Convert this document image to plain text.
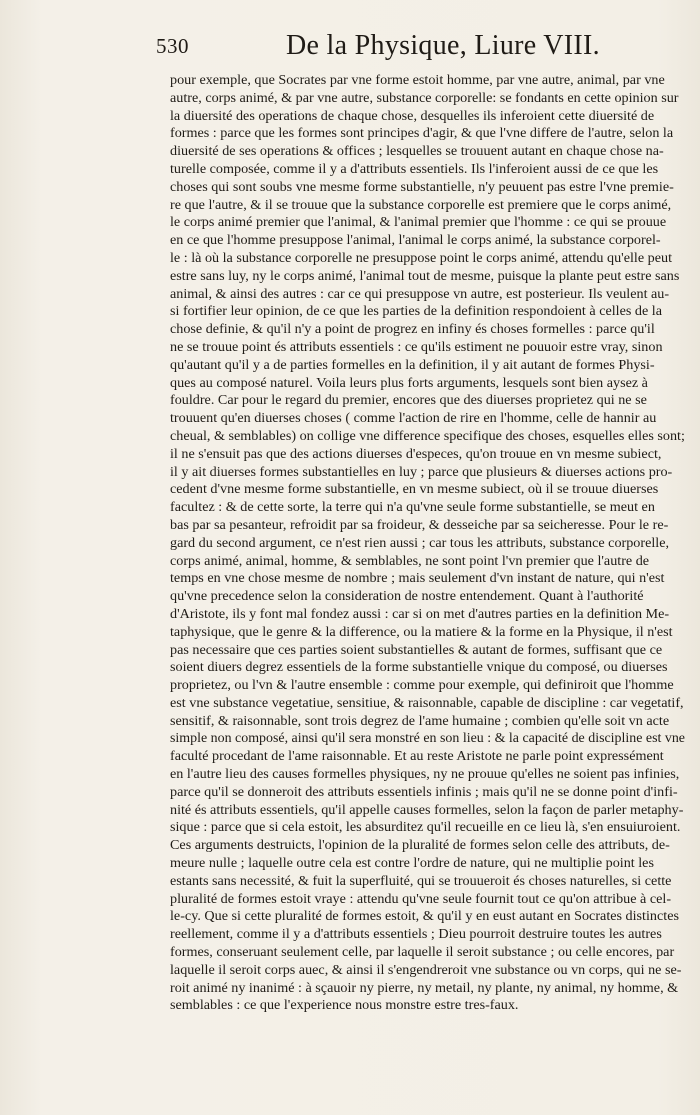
530	De la Physique, Liure VIII.
pour exemple, que Socrates par vne forme estoit homme, par vne autre, animal, par vne
autre, corps animé, & par vne autre, substance corporelle: se fondants en cette opinion sur
la diuersité des operations de chaque chose, desquelles ils inferoient cette diuersité de
formes : parce que les formes sont principes d'agir, & que l'vne differe de l'autre, selon la
diuersité de ses operations & offices ; lesquelles se trouuent autant en chaque chose na-
turelle composée, comme il y a d'attributs essentiels. Ils l'inferoient aussi de ce que les
choses qui sont soubs vne mesme forme substantielle, n'y peuuent pas estre l'vne premie-
re que l'autre, & il se trouue que la substance corporelle est premiere que le corps animé,
le corps animé premier que l'animal, & l'animal premier que l'homme : ce qui se prouue
en ce que l'homme presuppose l'animal, l'animal le corps animé, la substance corporel-
le : là où la substance corporelle ne presuppose point le corps animé, attendu qu'elle peut
estre sans luy, ny le corps animé, l'animal tout de mesme, puisque la plante peut estre sans
animal, & ainsi des autres : car ce qui presuppose vn autre, est posterieur. Ils veulent au-
si fortifier leur opinion, de ce que les parties de la definition respondoient à celles de la
chose definie, & qu'il n'y a point de progrez en infiny és choses formelles : parce qu'il
ne se trouue point és attributs essentiels : ce qu'ils estiment ne pouuoir estre vray, sinon
qu'autant qu'il y a de parties formelles en la definition, il y ait autant de formes Physi-
ques au composé naturel. Voila leurs plus forts arguments, lesquels sont bien aysez à
fouldre. Car pour le regard du premier, encores que des diuerses proprietez qui ne se
trouuent qu'en diuerses choses ( comme l'action de rire en l'homme, celle de hannir au
cheual, & semblables) on collige vne difference specifique des choses, esquelles elles sont;
il ne s'ensuit pas que des actions diuerses d'especes, qu'on trouue en vn mesme subiect,
il y ait diuerses formes substantielles en luy ; parce que plusieurs & diuerses actions pro-
cedent d'vne mesme forme substantielle, en vn mesme subiect, où il se trouue diuerses
facultez : & de cette sorte, la terre qui n'a qu'vne seule forme substantielle, se meut en
bas par sa pesanteur, refroidit par sa froideur, & desseiche par sa seicheresse. Pour le re-
gard du second argument, ce n'est rien aussi ; car tous les attributs, substance corporelle,
corps animé, animal, homme, & semblables, ne sont point l'vn premier que l'autre de
temps en vne chose mesme de nombre ; mais seulement d'vn instant de nature, qui n'est
qu'vne precedence selon la consideration de nostre entendement. Quant à l'authorité
d'Aristote, ils y font mal fondez aussi : car si on met d'autres parties en la definition Me-
taphysique, que le genre & la difference, ou la matiere & la forme en la Physique, il n'est
pas necessaire que ces parties soient substantielles & autant de formes, suffisant que ce
soient diuers degrez essentiels de la forme substantielle vnique du composé, ou diuerses
proprietez, ou l'vn & l'autre ensemble : comme pour exemple, qui definiroit que l'homme
est vne substance vegetatiue, sensitiue, & raisonnable, capable de discipline : car vegetatif,
sensitif, & raisonnable, sont trois degrez de l'ame humaine ; combien qu'elle soit vn acte
simple non composé, ainsi qu'il sera monstré en son lieu : & la capacité de discipline est vne
faculté procedant de l'ame raisonnable. Et au reste Aristote ne parle point expressément
en l'autre lieu des causes formelles physiques, ny ne prouue qu'elles ne soient pas infinies,
parce qu'il se donneroit des attributs essentiels infinis ; mais qu'il ne se donne point d'infi-
nité és attributs essentiels, qu'il appelle causes formelles, selon la façon de parler metaphy-
sique : parce que si cela estoit, les absurditez qu'il recueille en ce lieu là, s'en ensuiuroient.
Ces arguments destruicts, l'opinion de la pluralité de formes selon celle des attributs, de-
meure nulle ; laquelle outre cela est contre l'ordre de nature, qui ne multiplie point les
estants sans necessité, & fuit la superfluité, qui se trouueroit és choses naturelles, si cette
pluralité de formes estoit vraye : attendu qu'vne seule fournit tout ce qu'on attribue à cel-
le-cy. Que si cette pluralité de formes estoit, & qu'il y en eust autant en Socrates distinctes
reellement, comme il y a d'attributs essentiels ; Dieu pourroit destruire toutes les autres
formes, conseruant seulement celle, par laquelle il seroit substance ; ou celle encores, par
laquelle il seroit corps auec, & ainsi il s'engendreroit vne substance ou vn corps, qui ne se-
roit animé ny inanimé : à sçauoir ny pierre, ny metail, ny plante, ny animal, ny homme, &
semblables : ce que l'experience nous monstre estre tres-faux.
